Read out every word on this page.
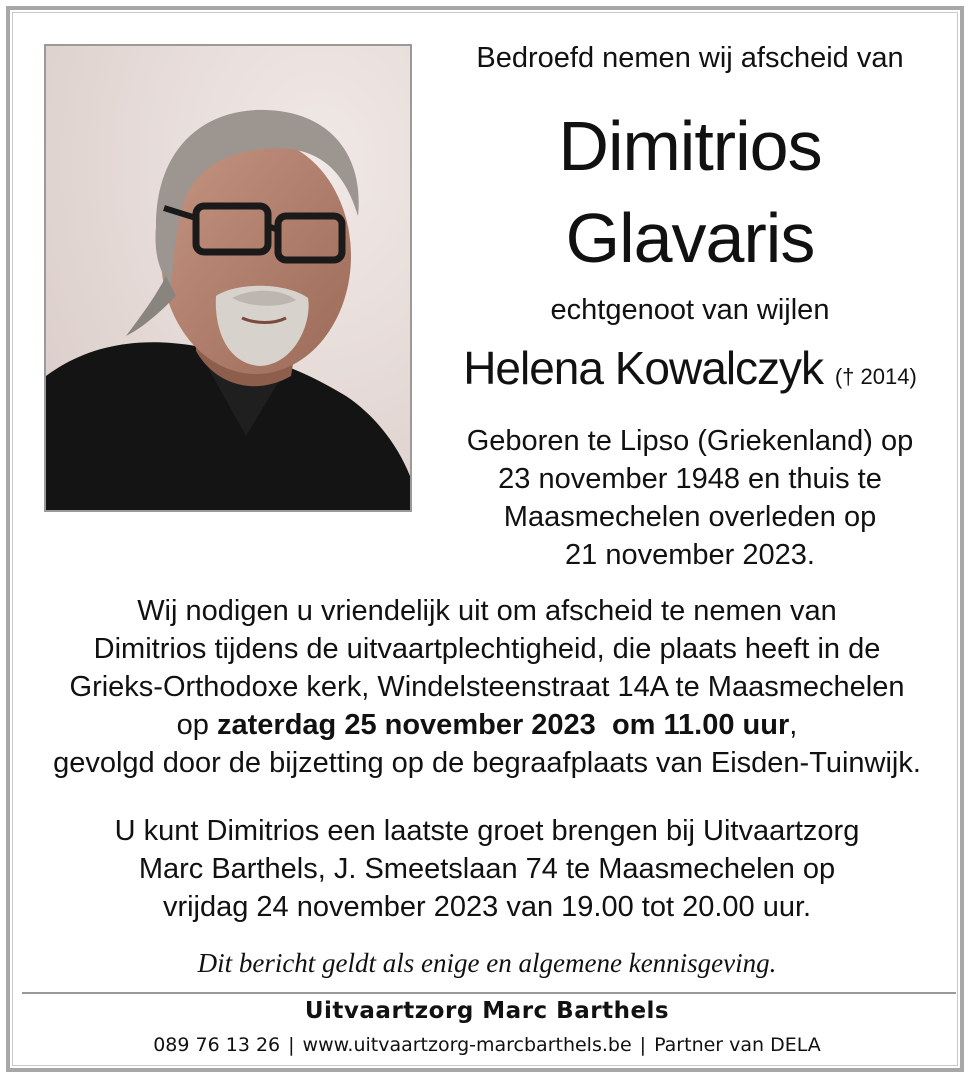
Bedroefd nemen wij afscheid van
Dimitrios
Glavaris
echtgenoot van wijlen
Helena Kowalczyk († 2014)
Geboren te Lipso (Griekenland) op
23 november 1948 en thuis te
Maasmechelen overleden op
21 november 2023.
Wij nodigen u vriendelijk uit om afscheid te nemen van
Dimitrios tijdens de uitvaartplechtigheid, die plaats heeft in de
Grieks-Orthodoxe kerk, Windelsteenstraat 14A te Maasmechelen
op zaterdag 25 november 2023 om 11.00 uur,
gevolgd door de bijzetting op de begraafplaats van Eisden-Tuinwijk.
U kunt Dimitrios een laatste groet brengen bij Uitvaartzorg
Marc Barthels, J. Smeetslaan 74 te Maasmechelen op
vrijdag 24 november 2023 van 19.00 tot 20.00 uur.
Dit bericht geldt als enige en algemene kennisgeving.
Uitvaartzorg Marc Barthels
089 76 13 26 | www.uitvaartzorg-marcbarthels.be | Partner van DELA
